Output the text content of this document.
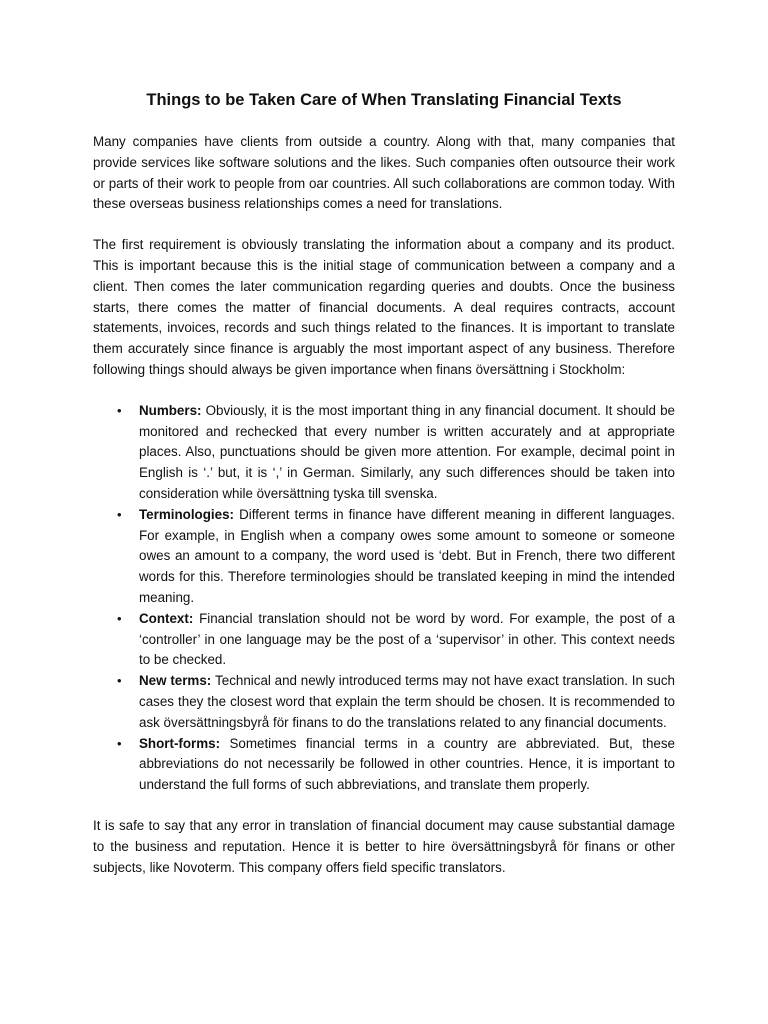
Things to be Taken Care of When Translating Financial Texts

Many companies have clients from outside a country. Along with that, many companies that provide services like software solutions and the likes. Such companies often outsource their work or parts of their work to people from oar countries. All such collaborations are common today. With these overseas business relationships comes a need for translations.

The first requirement is obviously translating the information about a company and its product. This is important because this is the initial stage of communication between a company and a client. Then comes the later communication regarding queries and doubts. Once the business starts, there comes the matter of financial documents. A deal requires contracts, account statements, invoices, records and such things related to the finances. It is important to translate them accurately since finance is arguably the most important aspect of any business. Therefore following things should always be given importance when finans översättning i Stockholm:

• Numbers: Obviously, it is the most important thing in any financial document. It should be monitored and rechecked that every number is written accurately and at appropriate places. Also, punctuations should be given more attention. For example, decimal point in English is ‘.’ but, it is ‘,’ in German. Similarly, any such differences should be taken into consideration while översättning tyska till svenska.
• Terminologies: Different terms in finance have different meaning in different languages. For example, in English when a company owes some amount to someone or someone owes an amount to a company, the word used is ‘debt. But in French, there two different words for this. Therefore terminologies should be translated keeping in mind the intended meaning.
• Context: Financial translation should not be word by word. For example, the post of a ‘controller’ in one language may be the post of a ‘supervisor’ in other. This context needs to be checked.
• New terms: Technical and newly introduced terms may not have exact translation. In such cases they the closest word that explain the term should be chosen. It is recommended to ask översättningsbyrå för finans to do the translations related to any financial documents.
• Short-forms: Sometimes financial terms in a country are abbreviated. But, these abbreviations do not necessarily be followed in other countries. Hence, it is important to understand the full forms of such abbreviations, and translate them properly.

It is safe to say that any error in translation of financial document may cause substantial damage to the business and reputation. Hence it is better to hire översättningsbyrå för finans or other subjects, like Novoterm. This company offers field specific translators.
